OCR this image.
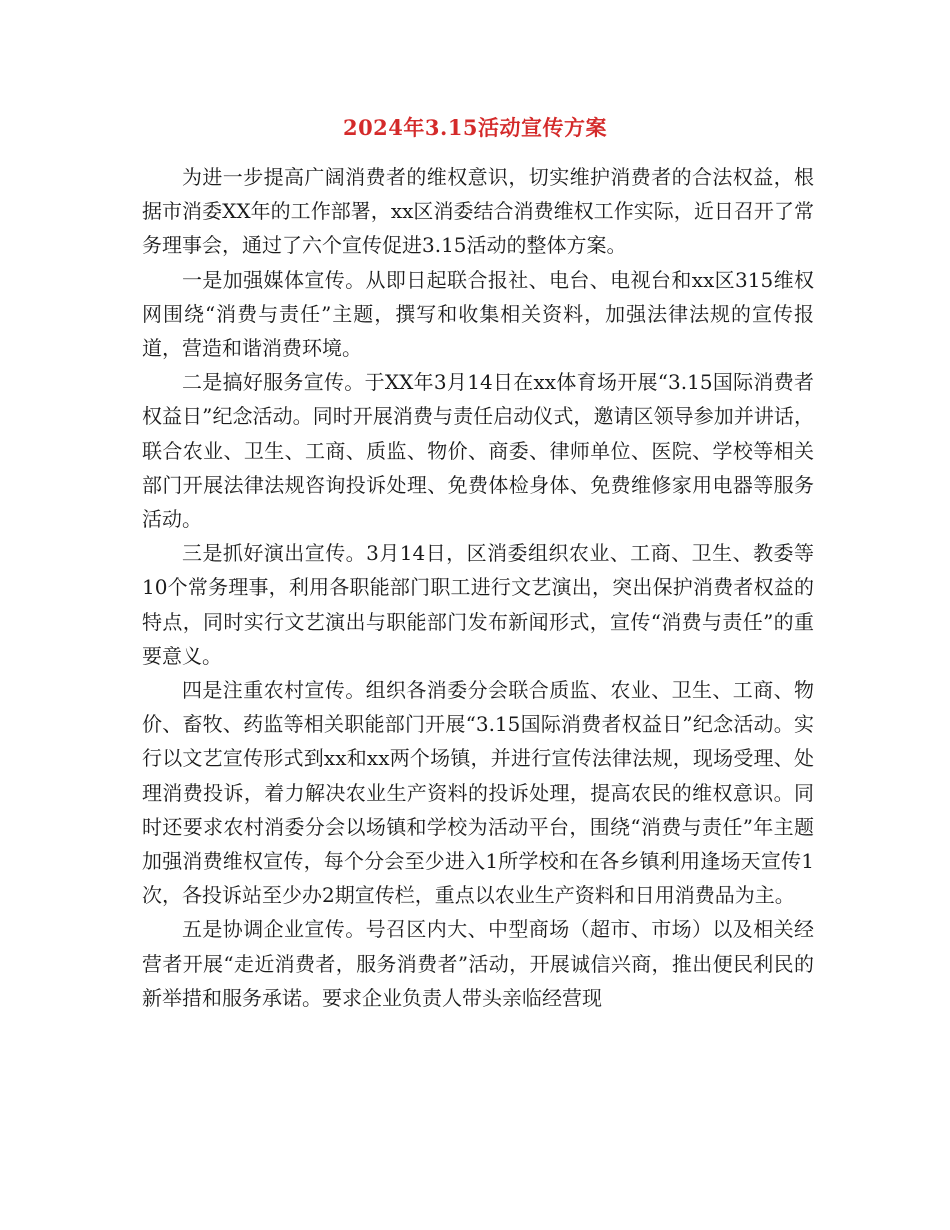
2024年3.15活动宣传方案

为进一步提高广阔消费者的维权意识，切实维护消费者的合法权益，根据市消委XX年的工作部署，xx区消委结合消费维权工作实际，近日召开了常务理事会，通过了六个宣传促进3.15活动的整体方案。

一是加强媒体宣传。从即日起联合报社、电台、电视台和xx区315维权网围绕“消费与责任”主题，撰写和收集相关资料，加强法律法规的宣传报道，营造和谐消费环境。

二是搞好服务宣传。于XX年3月14日在xx体育场开展“3.15国际消费者权益日”纪念活动。同时开展消费与责任启动仪式，邀请区领导参加并讲话，联合农业、卫生、工商、质监、物价、商委、律师单位、医院、学校等相关部门开展法律法规咨询投诉处理、免费体检身体、免费维修家用电器等服务活动。

三是抓好演出宣传。3月14日，区消委组织农业、工商、卫生、教委等10个常务理事，利用各职能部门职工进行文艺演出，突出保护消费者权益的特点，同时实行文艺演出与职能部门发布新闻形式，宣传“消费与责任”的重要意义。

四是注重农村宣传。组织各消委分会联合质监、农业、卫生、工商、物价、畜牧、药监等相关职能部门开展“3.15国际消费者权益日”纪念活动。实行以文艺宣传形式到xx和xx两个场镇，并进行宣传法律法规，现场受理、处理消费投诉，着力解决农业生产资料的投诉处理，提高农民的维权意识。同时还要求农村消委分会以场镇和学校为活动平台，围绕“消费与责任”年主题加强消费维权宣传，每个分会至少进入1所学校和在各乡镇利用逢场天宣传1次，各投诉站至少办2期宣传栏，重点以农业生产资料和日用消费品为主。

五是协调企业宣传。号召区内大、中型商场（超市、市场）以及相关经营者开展“走近消费者，服务消费者”活动，开展诚信兴商，推出便民利民的新举措和服务承诺。要求企业负责人带头亲临经营现
